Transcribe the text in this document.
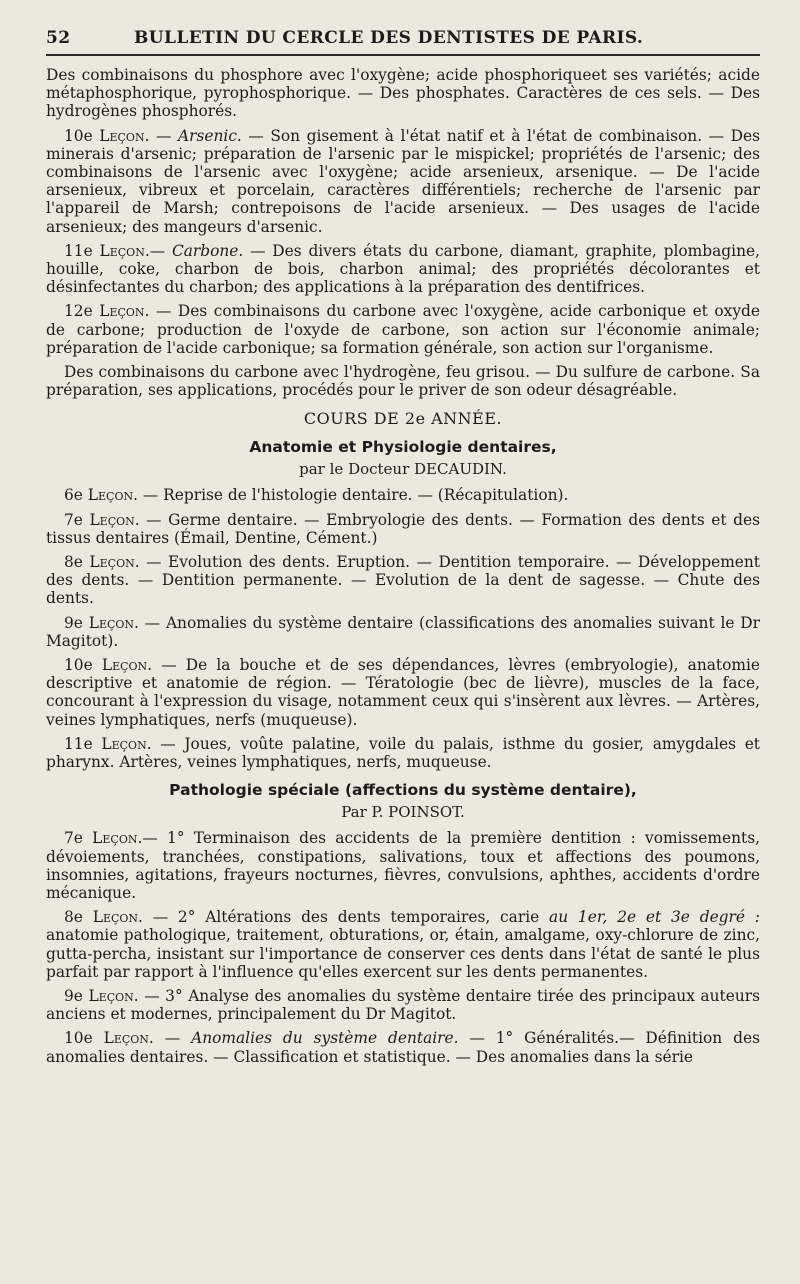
52	BULLETIN DU CERCLE DES DENTISTES DE PARIS.

Des combinaisons du phosphore avec l'oxygène; acide phosphoriqueet ses variétés; acide métaphosphorique, pyrophosphorique. — Des phosphates. Caractères de ces sels. — Des hydrogènes phosphorés.

10e Leçon. — Arsenic. — Son gisement à l'état natif et à l'état de combinaison. — Des minerais d'arsenic; préparation de l'arsenic par le mispickel; propriétés de l'arsenic; des combinaisons de l'arsenic avec l'oxygène; acide arsenieux, arsenique. — De l'acide arsenieux, vibreux et porcelain, caractères différentiels; recherche de l'arsenic par l'appareil de Marsh; contrepoisons de l'acide arsenieux. — Des usages de l'acide arsenieux; des mangeurs d'arsenic.

11e Leçon.— Carbone. — Des divers états du carbone, diamant, graphite, plombagine, houille, coke, charbon de bois, charbon animal; des propriétés décolorantes et désinfectantes du charbon; des applications à la préparation des dentifrices.

12e Leçon. — Des combinaisons du carbone avec l'oxygène, acide carbonique et oxyde de carbone; production de l'oxyde de carbone, son action sur l'économie animale; préparation de l'acide carbonique; sa formation générale, son action sur l'organisme.

Des combinaisons du carbone avec l'hydrogène, feu grisou. — Du sulfure de carbone. Sa préparation, ses applications, procédés pour le priver de son odeur désagréable.

COURS DE 2e ANNÉE.
Anatomie et Physiologie dentaires,
par le Docteur DECAUDIN.

6e Leçon. — Reprise de l'histologie dentaire. — (Récapitulation).

7e Leçon. — Germe dentaire. — Embryologie des dents. — Formation des dents et des tissus dentaires (Émail, Dentine, Cément.)

8e Leçon. — Evolution des dents. Eruption. — Dentition temporaire. — Développement des dents. — Dentition permanente. — Evolution de la dent de sagesse. — Chute des dents.

9e Leçon. — Anomalies du système dentaire (classifications des anomalies suivant le Dr Magitot).

10e Leçon. — De la bouche et de ses dépendances, lèvres (embryologie), anatomie descriptive et anatomie de région. — Tératologie (bec de lièvre), muscles de la face, concourant à l'expression du visage, notamment ceux qui s'insèrent aux lèvres. — Artères, veines lymphatiques, nerfs (muqueuse).

11e Leçon. — Joues, voûte palatine, voile du palais, isthme du gosier, amygdales et pharynx. Artères, veines lymphatiques, nerfs, muqueuse.

Pathologie spéciale (affections du système dentaire),
Par P. POINSOT.

7e Leçon.— 1° Terminaison des accidents de la première dentition : vomissements, dévoiements, tranchées, constipations, salivations, toux et affections des poumons, insomnies, agitations, frayeurs nocturnes, fièvres, convulsions, aphthes, accidents d'ordre mécanique.

8e Leçon. — 2° Altérations des dents temporaires, carie au 1er, 2e et 3e degré : anatomie pathologique, traitement, obturations, or, étain, amalgame, oxy-chlorure de zinc, gutta-percha, insistant sur l'importance de conserver ces dents dans l'état de santé le plus parfait par rapport à l'influence qu'elles exercent sur les dents permanentes.

9e Leçon. — 3° Analyse des anomalies du système dentaire tirée des principaux auteurs anciens et modernes, principalement du Dr Magitot.

10e Leçon. — Anomalies du système dentaire. — 1° Généralités.— Définition des anomalies dentaires. — Classification et statistique. — Des anomalies dans la série
